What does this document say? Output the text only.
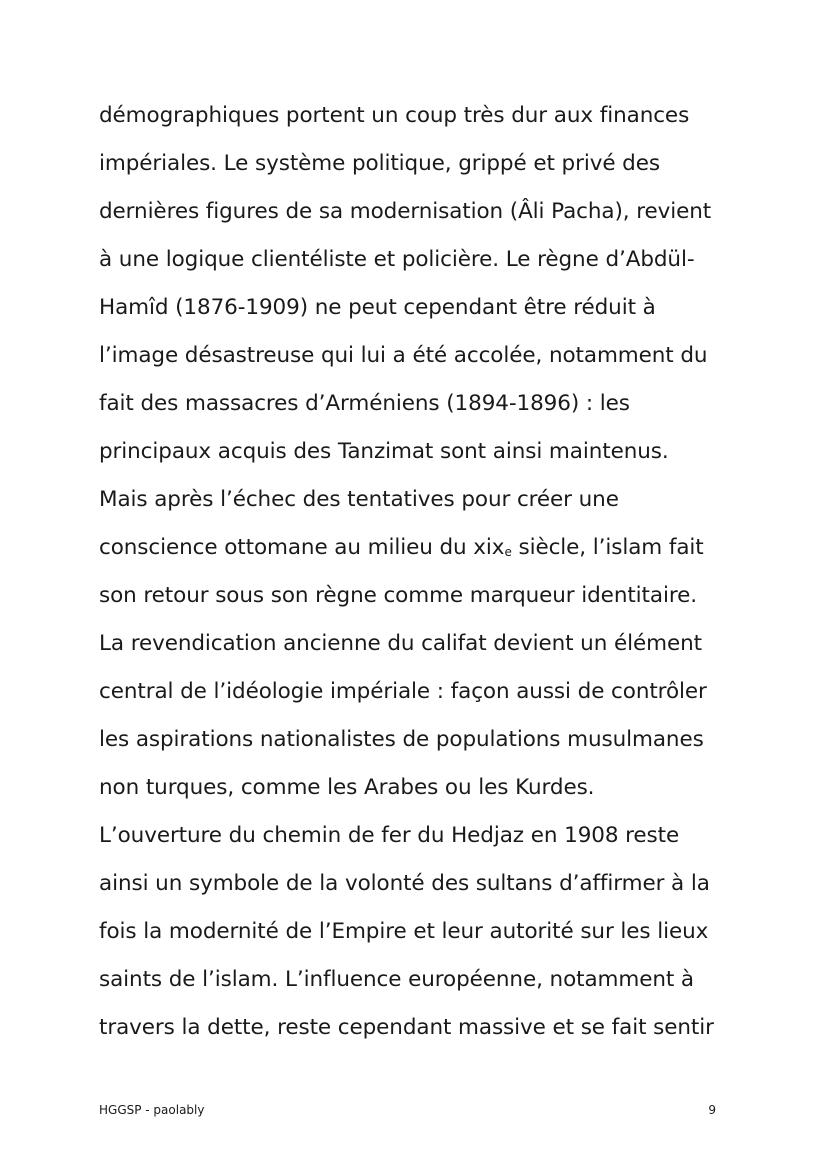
démographiques portent un coup très dur aux finances
impériales. Le système politique, grippé et privé des
dernières figures de sa modernisation (Âli Pacha), revient
à une logique clientéliste et policière. Le règne d’Abdül-
Hamîd (1876-1909) ne peut cependant être réduit à
l’image désastreuse qui lui a été accolée, notamment du
fait des massacres d’Arméniens (1894-1896) : les
principaux acquis des Tanzimat sont ainsi maintenus.
Mais après l’échec des tentatives pour créer une
conscience ottomane au milieu du xixe siècle, l’islam fait
son retour sous son règne comme marqueur identitaire.
La revendication ancienne du califat devient un élément
central de l’idéologie impériale : façon aussi de contrôler
les aspirations nationalistes de populations musulmanes
non turques, comme les Arabes ou les Kurdes.
L’ouverture du chemin de fer du Hedjaz en 1908 reste
ainsi un symbole de la volonté des sultans d’affirmer à la
fois la modernité de l’Empire et leur autorité sur les lieux
saints de l’islam. L’influence européenne, notamment à
travers la dette, reste cependant massive et se fait sentir
HGGSP - paolably	9
